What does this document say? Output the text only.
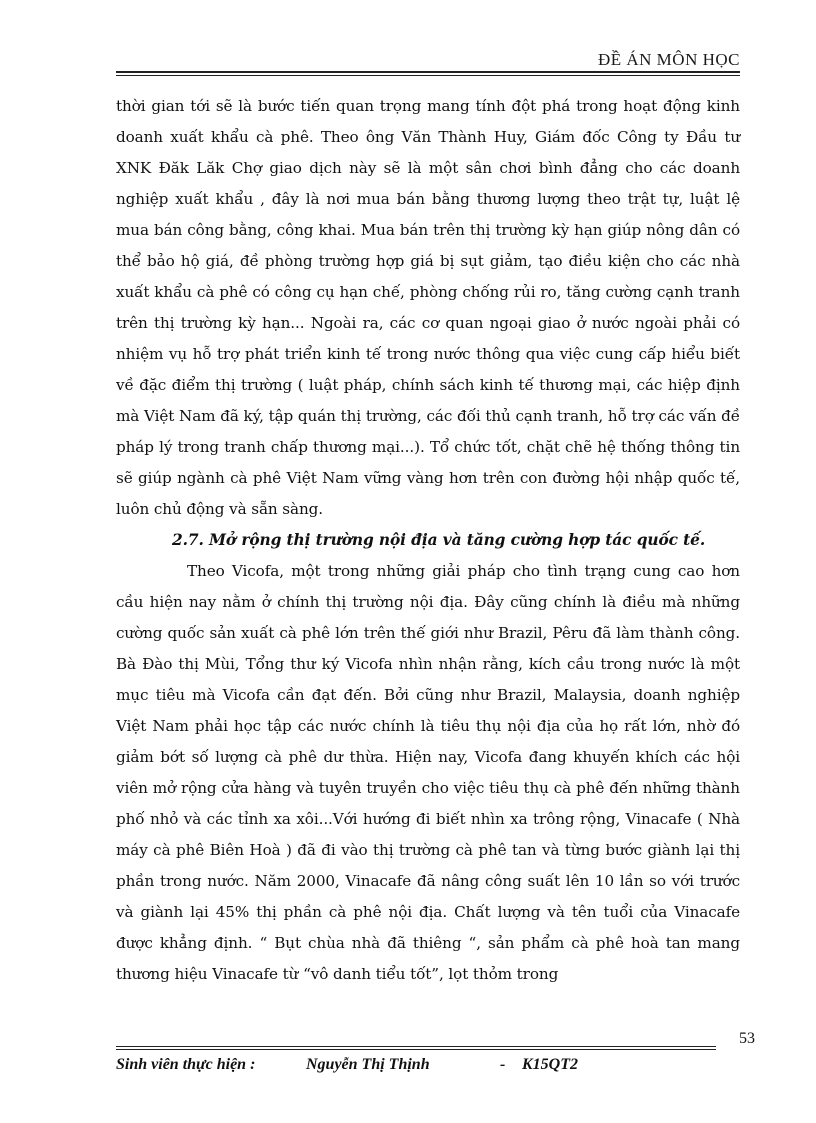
ĐỀ ÁN MÔN HỌC

thời gian tới sẽ là bước tiến quan trọng mang tính đột phá trong hoạt động kinh doanh xuất khẩu cà phê. Theo ông Văn Thành Huy, Giám đốc Công ty Đầu tư XNK Đăk Lăk Chợ giao dịch này sẽ là một sân chơi bình đẳng cho các doanh nghiệp xuất khẩu , đây là nơi mua bán bằng thương lượng theo trật tự, luật lệ mua bán công bằng, công khai. Mua bán trên thị trường kỳ hạn giúp nông dân có thể bảo hộ giá, đề phòng trường hợp giá bị sụt giảm, tạo điều kiện cho các nhà xuất khẩu cà phê có công cụ hạn chế, phòng chống rủi ro, tăng cường cạnh tranh trên thị trường kỳ hạn... Ngoài ra, các cơ quan ngoại giao ở nước ngoài phải có nhiệm vụ hỗ trợ phát triển kinh tế trong nước thông qua việc cung cấp hiểu biết về đặc điểm thị trường ( luật pháp, chính sách kinh tế thương mại, các hiệp định mà Việt Nam đã ký, tập quán thị trường, các đối thủ cạnh tranh, hỗ trợ các vấn đề pháp lý trong tranh chấp thương mại...). Tổ chức tốt, chặt chẽ hệ thống thông tin sẽ giúp ngành cà phê Việt Nam vững vàng hơn trên con đường hội nhập quốc tế, luôn chủ động và sẵn sàng.

2.7. Mở rộng thị trường nội địa và tăng cường hợp tác quốc tế.

Theo Vicofa, một trong những giải pháp cho tình trạng cung cao hơn cầu hiện nay nằm ở chính thị trường nội địa. Đây cũng chính là điều mà những cường quốc sản xuất cà phê lớn trên thế giới như Brazil, Pêru đã làm thành công. Bà Đào thị Mùi, Tổng thư ký Vicofa nhìn nhận rằng, kích cầu trong nước là một mục tiêu mà Vicofa cần đạt đến. Bởi cũng như Brazil, Malaysia, doanh nghiệp Việt Nam phải học tập các nước chính là tiêu thụ nội địa của họ rất lớn, nhờ đó giảm bớt số lượng cà phê dư thừa. Hiện nay, Vicofa đang khuyến khích các hội viên mở rộng cửa hàng và tuyên truyền cho việc tiêu thụ cà phê đến những thành phố nhỏ và các tỉnh xa xôi...Với hướng đi biết nhìn xa trông rộng, Vinacafe ( Nhà máy cà phê Biên Hoà ) đã đi vào thị trường cà phê tan và từng bước giành lại thị phần trong nước. Năm 2000, Vinacafe đã nâng công suất lên 10 lần so với trước và giành lại 45% thị phần cà phê nội địa. Chất lượng và tên tuổi của Vinacafe được khẳng định. “ Bụt chùa nhà đã thiêng “, sản phẩm cà phê hoà tan mang thương hiệu Vinacafe từ “vô danh tiểu tốt”, lọt thỏm trong

53
Sinh viên thực hiện :	Nguyễn Thị Thịnh	- K15QT2
